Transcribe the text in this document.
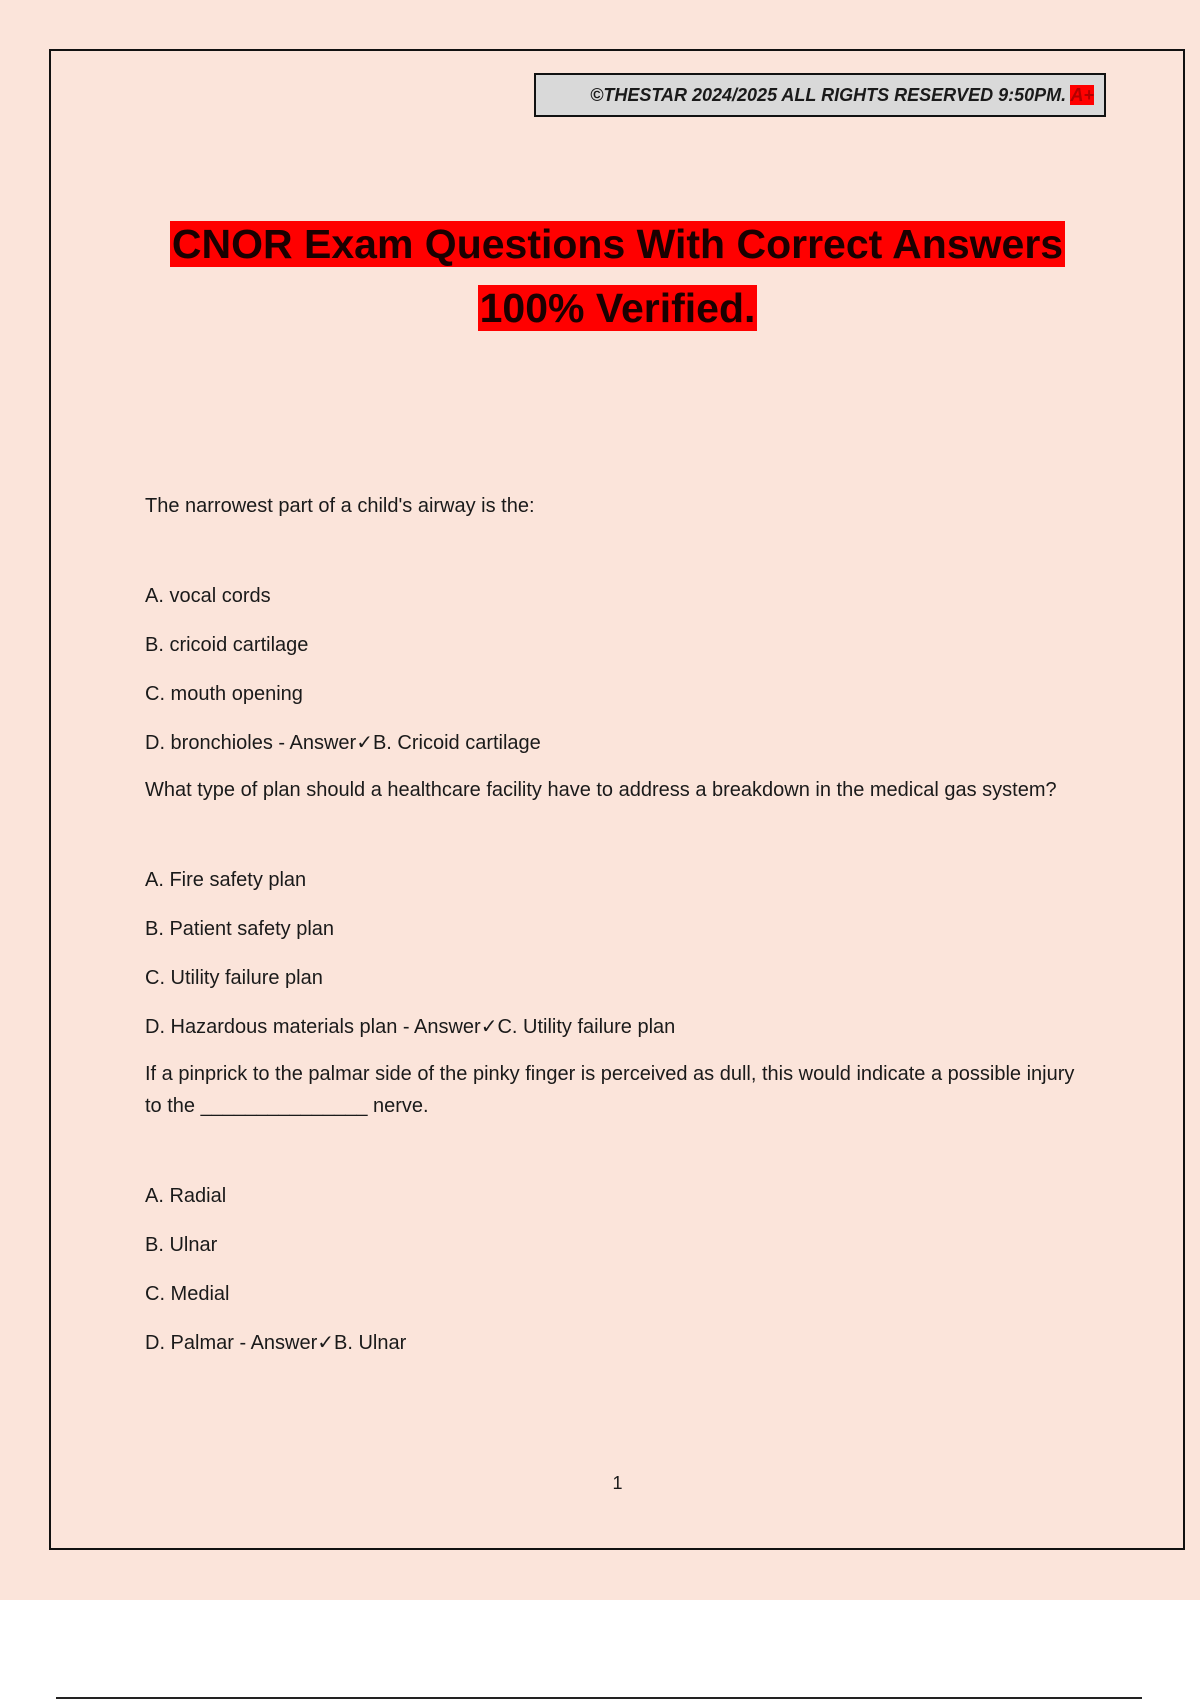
©THESTAR 2024/2025 ALL RIGHTS RESERVED 9:50PM. A+
CNOR Exam Questions With Correct Answers
100% Verified.

The narrowest part of a child's airway is the:

A. vocal cords

B. cricoid cartilage

C. mouth opening

D. bronchioles - Answer✓B. Cricoid cartilage

What type of plan should a healthcare facility have to address a breakdown in the medical gas system?

A. Fire safety plan

B. Patient safety plan

C. Utility failure plan

D. Hazardous materials plan - Answer✓C. Utility failure plan

If a pinprick to the palmar side of the pinky finger is perceived as dull, this would indicate a possible injury to the _______________ nerve.

A. Radial

B. Ulnar

C. Medial

D. Palmar - Answer✓B. Ulnar

1
